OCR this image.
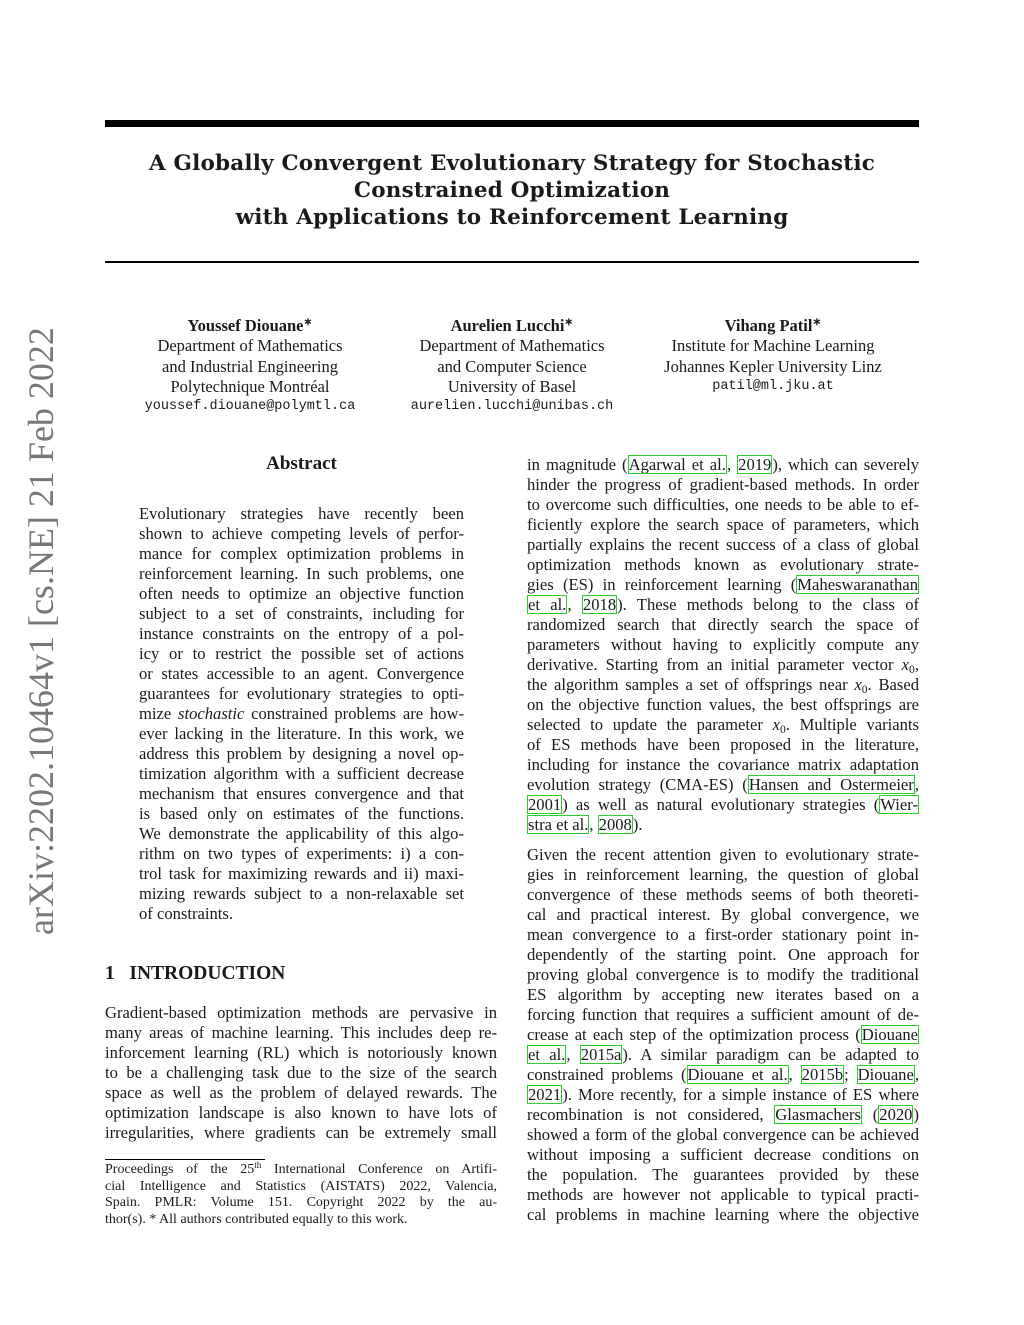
arXiv:2202.10464v1 [cs.NE] 21 Feb 2022
A Globally Convergent Evolutionary Strategy for Stochastic
Constrained Optimization
with Applications to Reinforcement Learning
Youssef Diouane∗
Department of Mathematics
and Industrial Engineering
Polytechnique Montréal
youssef.diouane@polymtl.ca
Aurelien Lucchi∗
Department of Mathematics
and Computer Science
University of Basel
aurelien.lucchi@unibas.ch
Vihang Patil∗
Institute for Machine Learning
Johannes Kepler University Linz
patil@ml.jku.at
Abstract
Evolutionary strategies have recently been
shown to achieve competing levels of perfor-
mance for complex optimization problems in
reinforcement learning. In such problems, one
often needs to optimize an objective function
subject to a set of constraints, including for
instance constraints on the entropy of a pol-
icy or to restrict the possible set of actions
or states accessible to an agent. Convergence
guarantees for evolutionary strategies to opti-
mize stochastic constrained problems are how-
ever lacking in the literature. In this work, we
address this problem by designing a novel op-
timization algorithm with a sufficient decrease
mechanism that ensures convergence and that
is based only on estimates of the functions.
We demonstrate the applicability of this algo-
rithm on two types of experiments: i) a con-
trol task for maximizing rewards and ii) maxi-
mizing rewards subject to a non-relaxable set
of constraints.
1 INTRODUCTION
Gradient-based optimization methods are pervasive in
many areas of machine learning. This includes deep re-
inforcement learning (RL) which is notoriously known
to be a challenging task due to the size of the search
space as well as the problem of delayed rewards. The
optimization landscape is also known to have lots of
irregularities, where gradients can be extremely small
Proceedings of the 25th International Conference on Artifi-
cial Intelligence and Statistics (AISTATS) 2022, Valencia,
Spain. PMLR: Volume 151. Copyright 2022 by the au-
thor(s). * All authors contributed equally to this work.
in magnitude (Agarwal et al., 2019), which can severely
hinder the progress of gradient-based methods. In order
to overcome such difficulties, one needs to be able to ef-
ficiently explore the search space of parameters, which
partially explains the recent success of a class of global
optimization methods known as evolutionary strate-
gies (ES) in reinforcement learning (Maheswaranathan
et al., 2018). These methods belong to the class of
randomized search that directly search the space of
parameters without having to explicitly compute any
derivative. Starting from an initial parameter vector $x_0$,
the algorithm samples a set of offsprings near $x_0$. Based
on the objective function values, the best offsprings are
selected to update the parameter $x_0$. Multiple variants
of ES methods have been proposed in the literature,
including for instance the covariance matrix adaptation
evolution strategy (CMA-ES) (Hansen and Ostermeier,
2001) as well as natural evolutionary strategies (Wier-
stra et al., 2008).
Given the recent attention given to evolutionary strate-
gies in reinforcement learning, the question of global
convergence of these methods seems of both theoreti-
cal and practical interest. By global convergence, we
mean convergence to a first-order stationary point in-
dependently of the starting point. One approach for
proving global convergence is to modify the traditional
ES algorithm by accepting new iterates based on a
forcing function that requires a sufficient amount of de-
crease at each step of the optimization process (Diouane
et al., 2015a). A similar paradigm can be adapted to
constrained problems (Diouane et al., 2015b; Diouane,
2021). More recently, for a simple instance of ES where
recombination is not considered, Glasmachers (2020)
showed a form of the global convergence can be achieved
without imposing a sufficient decrease conditions on
the population. The guarantees provided by these
methods are however not applicable to typical practi-
cal problems in machine learning where the objective
